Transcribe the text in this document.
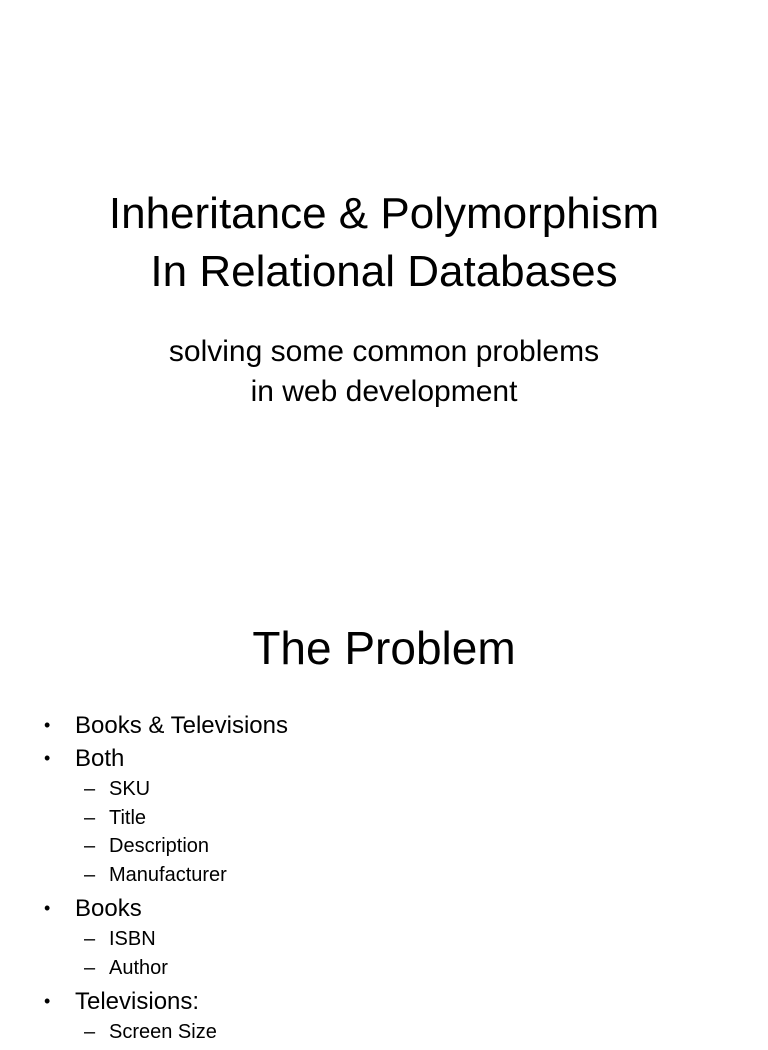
Inheritance & Polymorphism
In Relational Databases

solving some common problems
in web development

The Problem
• Books & Televisions
• Both
– SKU
– Title
– Description
– Manufacturer
• Books
– ISBN
– Author
• Televisions:
– Screen Size
